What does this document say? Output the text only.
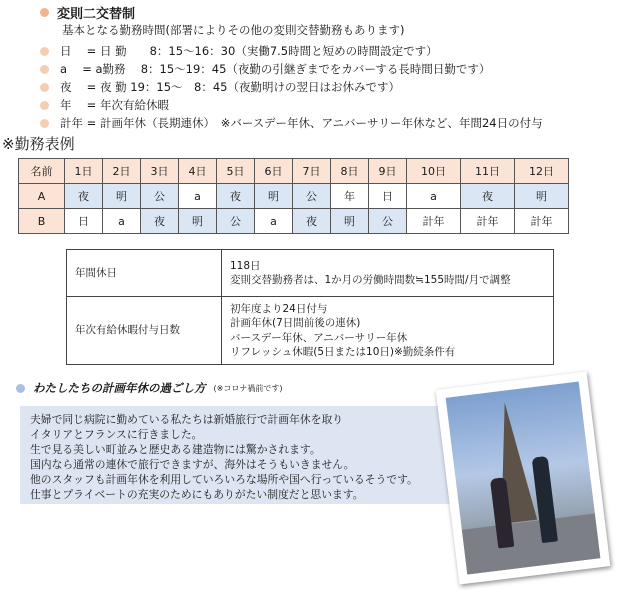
変則二交替制
基本となる勤務時間(部署によりその他の変則交替勤務もあります)
日　 = 日 勤　　8：15～16：30（実働7.5時間と短めの時間設定です）
a　 = a勤務　 8：15～19：45（夜勤の引継ぎまでをカバーする長時間日勤です）
夜　 = 夜 勤 19：15～　8：45（夜勤明けの翌日はお休みです）
年　 = 年次有給休暇
計年 = 計画年休（長期連休）　※バースデー年休、アニバーサリー年休など、年間24日の付与
※勤務表例
名前	1日	2日	3日	4日	5日	6日	7日	8日	9日	10日	11日	12日
A	夜	明	公	a	夜	明	公	年	日	a	夜	明
B	日	a	夜	明	公	a	夜	明	公	計年	計年	計年
年間休日	118日
変則交替勤務者は、1か月の労働時間数≒155時間/月で調整

年次有給休暇付与日数	初年度より24日付与
計画年休(7日間前後の連休)
バースデー年休、アニバーサリー年休
リフレッシュ休暇(5日または10日)※勤続条件有
わたしたちの計画年休の過ごし方 (※コロナ禍前です)
夫婦で同じ病院に勤めている私たちは新婚旅行で計画年休を取り
イタリアとフランスに行きました。
生で見る美しい町並みと歴史ある建造物には驚かされます。
国内なら通常の連休で旅行できますが、海外はそうもいきません。
他のスタッフも計画年休を利用していろいろな場所や国へ行っているそうです。
仕事とプライベートの充実のためにもありがたい制度だと思います。
